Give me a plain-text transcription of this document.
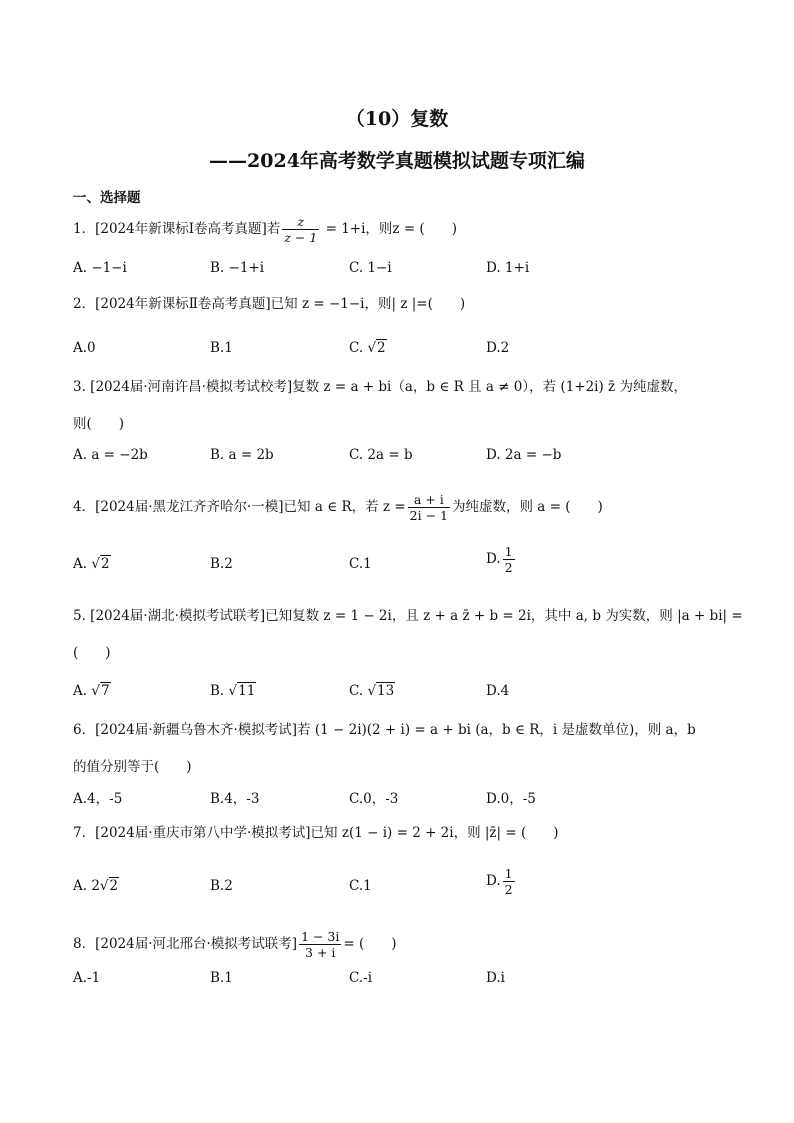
（10）复数
——2024年高考数学真题模拟试题专项汇编
一、选择题
1．[2024年新课标Ⅰ卷高考真题]若 $\frac{z}{z - 1} = 1+i$，则z = (　　)
A. −1−i	B. −1+i	C. 1−i	D. 1+i
2．[2024年新课标Ⅱ卷高考真题]已知 z = −1−i，则| z |=(　　)
A.0	B.1	C. √2	D.2
3. [2024届·河南许昌·模拟考试校考]复数 z = a + bi（a，b ∈ R 且 a ≠ 0），若 (1+2i) z̄ 为纯虚数，
则(　　)
A. a = −2b	B. a = 2b	C. 2a = b	D. 2a = −b
4．[2024届·黑龙江齐齐哈尔·一模]已知 a ∈ R，若 $z = \frac{a + i}{2i - 1}$ 为纯虚数，则 a = (　　)
A. √2	B.2	C.1	D. $\frac{1}{2}$
5. [2024届·湖北·模拟考试联考]已知复数 z = 1 − 2i，且 z + a z̄ + b = 2i，其中 a, b 为实数，则 |a + bi| =
(　　)
A. √7	B. √11	C. √13	D.4
6．[2024届·新疆乌鲁木齐·模拟考试]若 (1 − 2i)(2 + i) = a + bi (a，b ∈ R，i 是虚数单位)，则 a，b
的值分别等于(　　)
A.4，-5	B.4，-3	C.0，-3	D.0，-5
7．[2024届·重庆市第八中学·模拟考试]已知 z(1 − i) = 2 + 2i，则 |z̄| = (　　)
A. 2√2	B.2	C.1	D. $\frac{1}{2}$
8．[2024届·河北邢台·模拟考试联考] $\frac{1 - 3i}{3 + i}$ = (　　)
A.-1	B.1	C.-i	D.i
